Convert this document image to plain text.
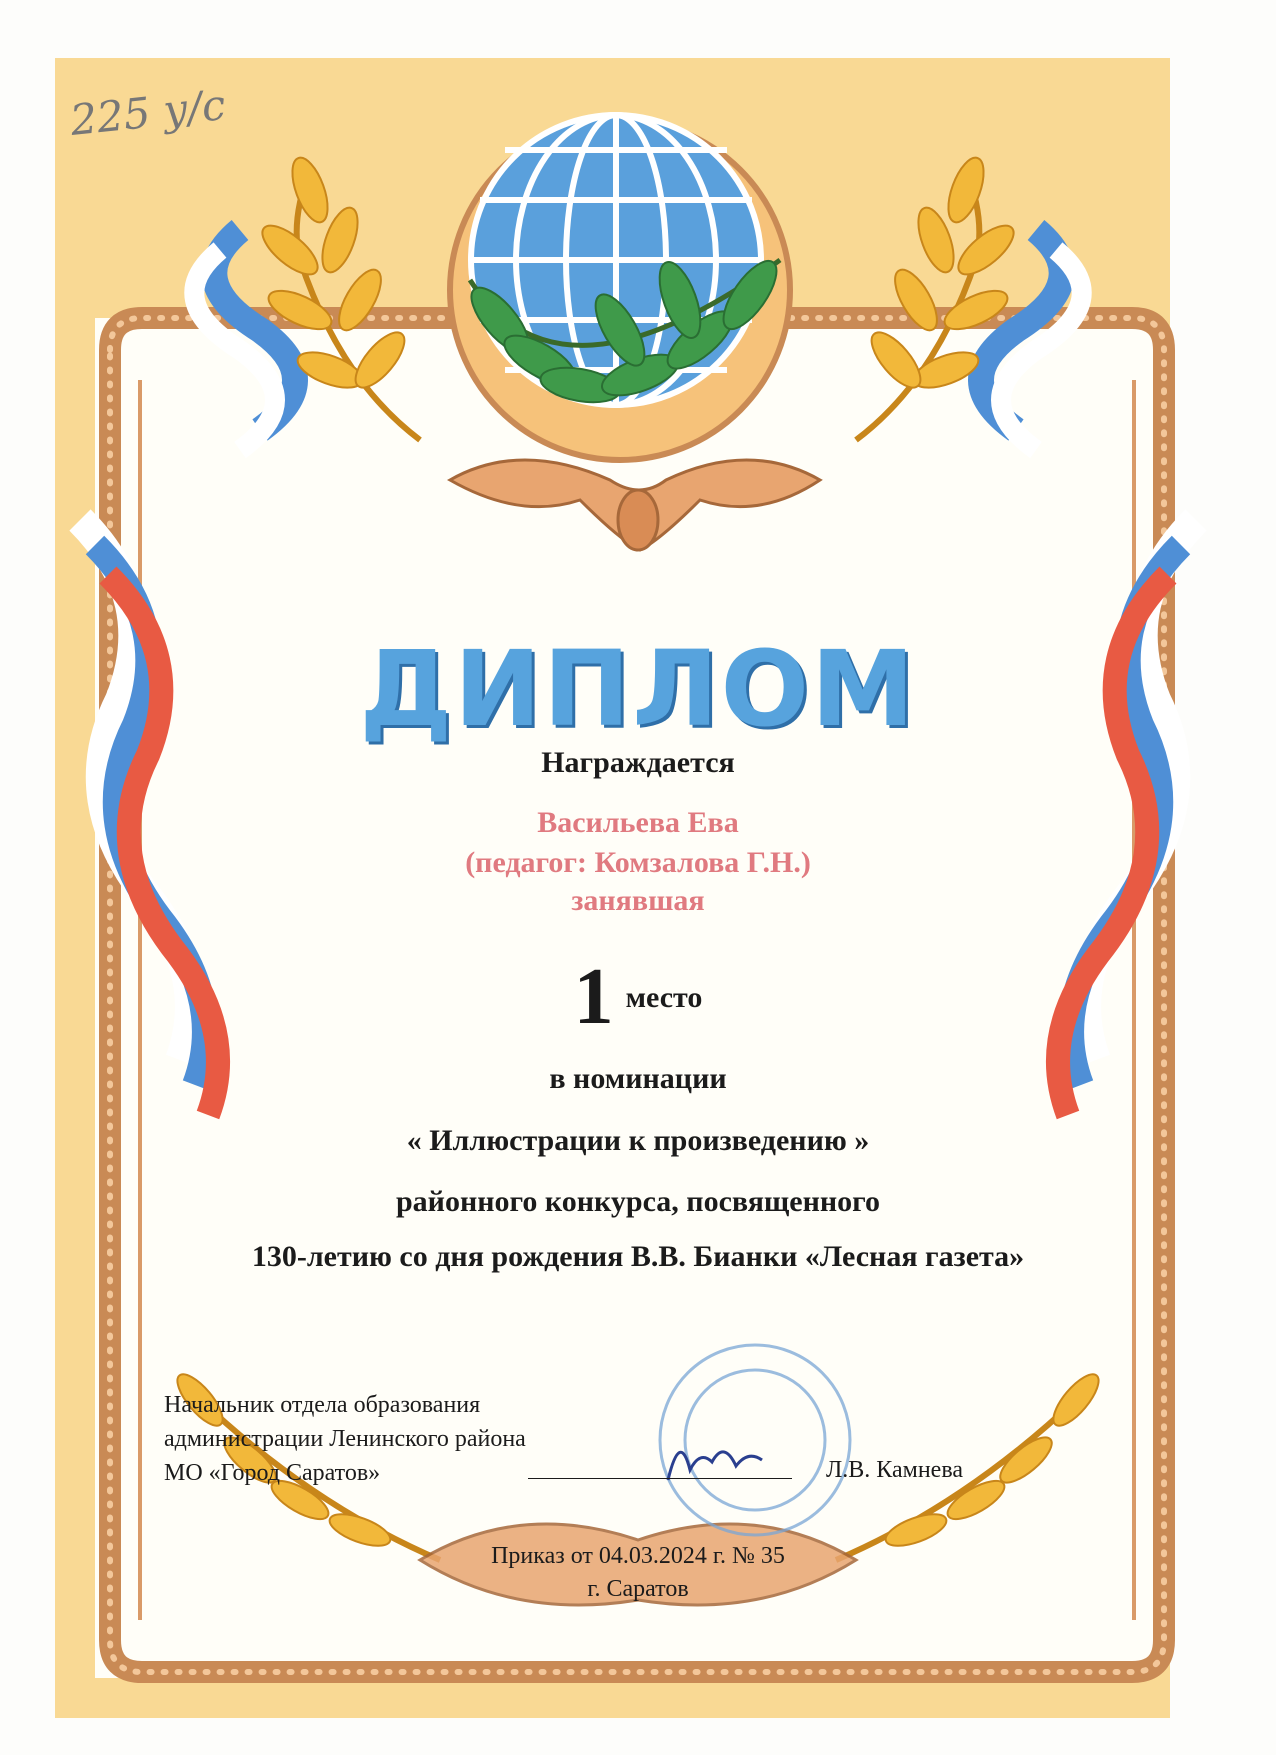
225 у/с
ДИПЛОМ
Награждается
Васильева Ева
(педагог: Комзалова Г.Н.)
занявшая
1 место
в номинации
« Иллюстрации к произведению »
районного конкурса, посвященного
130-летию со дня рождения В.В. Бианки «Лесная газета»
Начальник отдела образования
администрации Ленинского района
МО «Город Саратов»	Л.В. Камнева
Приказ от 04.03.2024 г. № 35
г. Саратов
